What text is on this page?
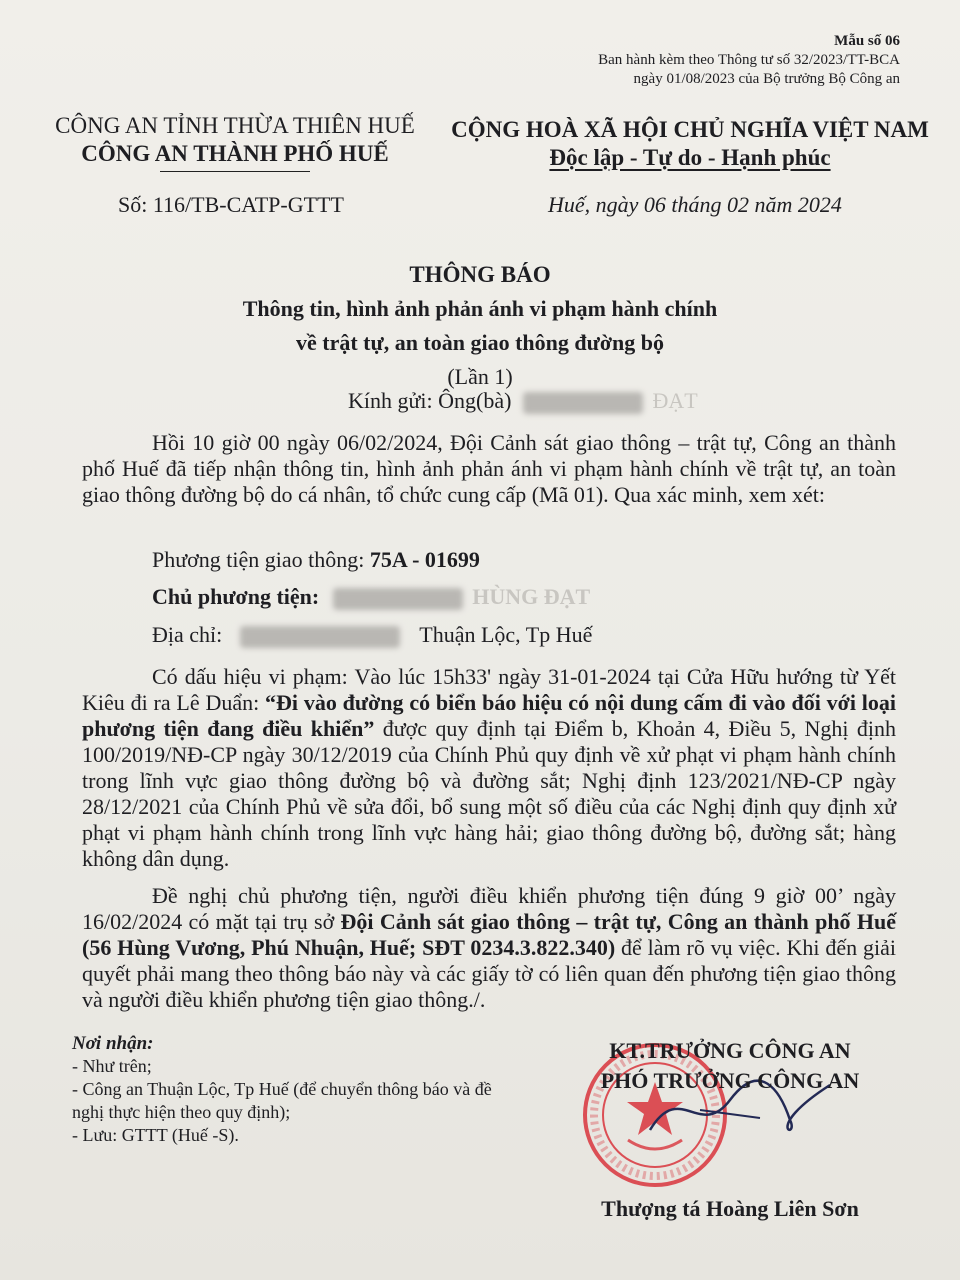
Mẫu số 06
Ban hành kèm theo Thông tư số 32/2023/TT-BCA
ngày 01/08/2023 của Bộ trưởng Bộ Công an
CÔNG AN TỈNH THỪA THIÊN HUẾ
CÔNG AN THÀNH PHỐ HUẾ
CỘNG HOÀ XÃ HỘI CHỦ NGHĨA VIỆT NAM
Độc lập - Tự do - Hạnh phúc
Số: 116/TB-CATP-GTTT	Huế, ngày 06 tháng 02 năm 2024
THÔNG BÁO
Thông tin, hình ảnh phản ánh vi phạm hành chính
về trật tự, an toàn giao thông đường bộ
(Lần 1)
Kính gửi: Ông(bà)	ĐẠT
Hồi 10 giờ 00 ngày 06/02/2024, Đội Cảnh sát giao thông – trật tự, Công an thành phố Huế đã tiếp nhận thông tin, hình ảnh phản ánh vi phạm hành chính về trật tự, an toàn giao thông đường bộ do cá nhân, tổ chức cung cấp (Mã 01). Qua xác minh, xem xét:
Phương tiện giao thông: 75A - 01699
Chủ phương tiện:	HÙNG ĐẠT
Địa chỉ:	Thuận Lộc, Tp Huế
Có dấu hiệu vi phạm: Vào lúc 15h33' ngày 31-01-2024 tại Cửa Hữu hướng từ Yết Kiêu đi ra Lê Duẩn: “Đi vào đường có biển báo hiệu có nội dung cấm đi vào đối với loại phương tiện đang điều khiển” được quy định tại Điểm b, Khoản 4, Điều 5, Nghị định 100/2019/NĐ-CP ngày 30/12/2019 của Chính Phủ quy định về xử phạt vi phạm hành chính trong lĩnh vực giao thông đường bộ và đường sắt; Nghị định 123/2021/NĐ-CP ngày 28/12/2021 của Chính Phủ về sửa đổi, bổ sung một số điều của các Nghị định quy định xử phạt vi phạm hành chính trong lĩnh vực hàng hải; giao thông đường bộ, đường sắt; hàng không dân dụng.
Đề nghị chủ phương tiện, người điều khiển phương tiện đúng 9 giờ 00’ ngày 16/02/2024 có mặt tại trụ sở Đội Cảnh sát giao thông – trật tự, Công an thành phố Huế (56 Hùng Vương, Phú Nhuận, Huế; SĐT 0234.3.822.340) để làm rõ vụ việc. Khi đến giải quyết phải mang theo thông báo này và các giấy tờ có liên quan đến phương tiện giao thông và người điều khiển phương tiện giao thông./.
Nơi nhận:
- Như trên;
- Công an Thuận Lộc, Tp Huế (để chuyển thông báo và đề nghị thực hiện theo quy định);
- Lưu: GTTT (Huế -S).
KT.TRƯỞNG CÔNG AN
PHÓ TRƯỞNG CÔNG AN
Thượng tá Hoàng Liên Sơn
